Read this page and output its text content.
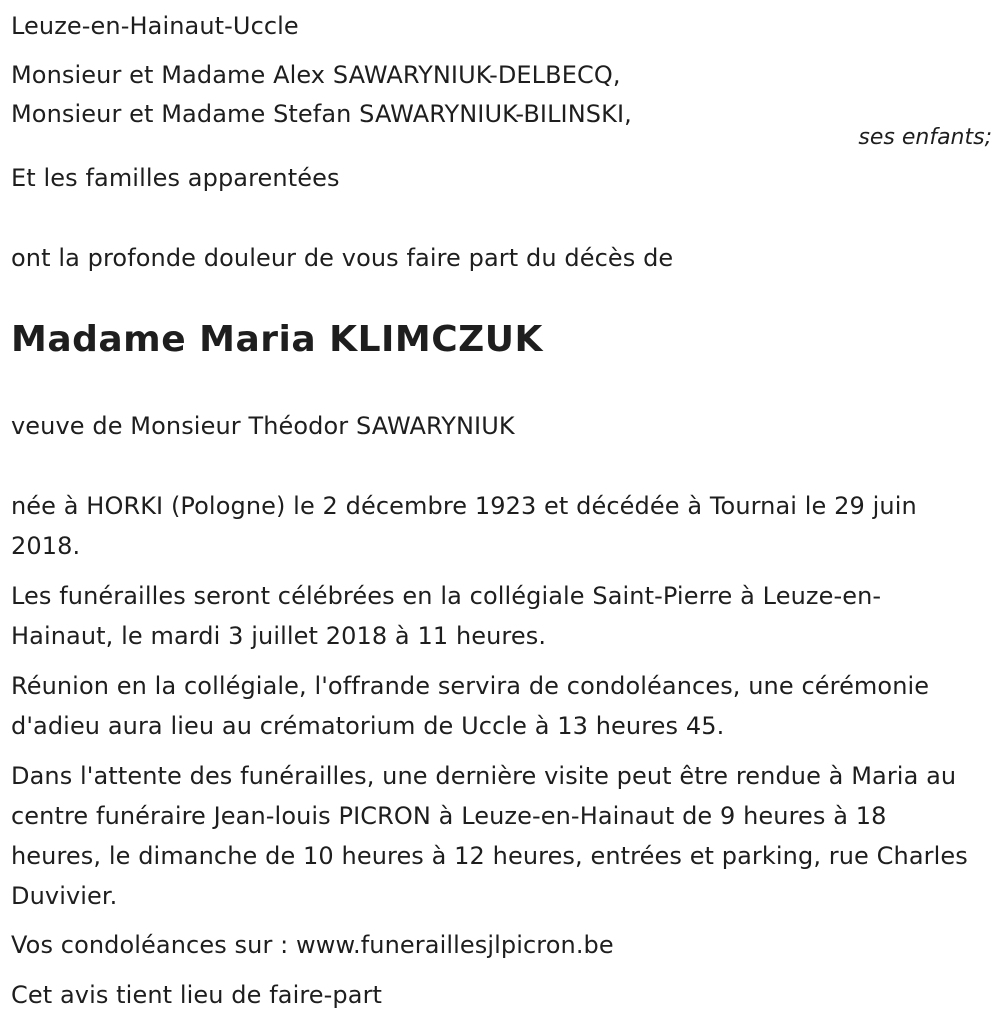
Leuze-en-Hainaut-Uccle
Monsieur et Madame Alex SAWARYNIUK-DELBECQ,
Monsieur et Madame Stefan SAWARYNIUK-BILINSKI,
Et les familles apparentées
ont la profonde douleur de vous faire part du décès de
Madame Maria KLIMCZUK
veuve de Monsieur Théodor SAWARYNIUK
née à HORKI (Pologne) le 2 décembre 1923 et décédée à Tournai le 29 juin 2018.
Les funérailles seront célébrées en la collégiale Saint-Pierre à Leuze-en-Hainaut, le mardi 3 juillet 2018 à 11 heures.
Réunion en la collégiale, l'offrande servira de condoléances, une cérémonie d'adieu aura lieu au crématorium de Uccle à 13 heures 45.
Dans l'attente des funérailles, une dernière visite peut être rendue à Maria au centre funéraire Jean-louis PICRON à Leuze-en-Hainaut de 9 heures à 18 heures, le dimanche de 10 heures à 12 heures, entrées et parking, rue Charles Duvivier.
Vos condoléances sur : www.funeraillesjlpicron.be
Cet avis tient lieu de faire-part
ses enfants;
